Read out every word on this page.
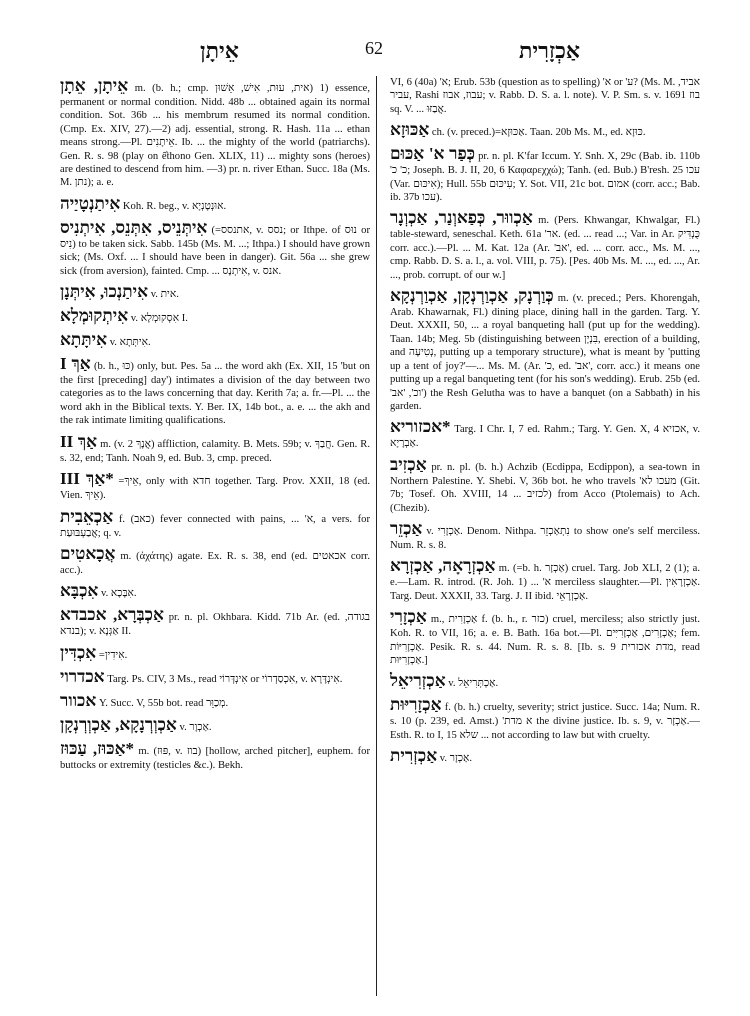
אֵיתָן	62	אַכְזָרִית

אֵיתָן, אֵתָן m. (b. h.; cmp. אית, עוּת, אִישׁ, אֵשׁוּן) 1) essence, permanent or normal condition. Nidd. 48b ... obtained again its normal condition. Sot. 36b ... his membrum resumed its normal condition. (Cmp. Ex. XIV, 27).—2) adj. essential, strong. R. Hash. 11a ... ethan means strong.—Pl. אֵיתָנִים. Ib. ... the mighty of the world (patriarchs). Gen. R. s. 98 (play on ê̂thono Gen. XLIX, 11) ... mighty sons (heroes) are destined to descend from him. —3) pr. n. river Ethan. Succ. 18a (Ms. M. נתן); a. e.

אִיתַנְטָיַיה Koh. R. beg., v. אוּנְטָנְיָא.

אִיתְּנֵיס, אִתְּנֵס, אִיתְנִיס (=אתנסס, v. נסס; or Ithpe. of נוּס or נִיס) to be taken sick. Sabb. 145b (Ms. M. ...; Ithpa.) I should have grown sick; (Ms. Oxf. ... I should have been in danger). Git. 56a ... she grew sick (from aversion), fainted. Cmp. ... אִיתְנָס, v. אנס.

אִיתַנְכוּ, אִיתְּנָן v. אית.

אִיתְקוּמְלָא v. אִסְקוּמְלָא I.

אִיתָּתָא v. אִיתְּתָא.

אַךְ I (b. h., כּוּ) only, but. Pes. 5a ... the word akh (Ex. XII, 15 'but on the first [preceding] day') intimates a division of the day between two categories as to the laws concerning that day. Kerith 7a; a. fr.—Pl. ... the word akh in the Biblical texts. Y. Ber. IX, 14b bot., a. e. ... the akh and the rak intimate limiting qualifications.

אַךְ II m. (v. אֲנָךְ 2) affliction, calamity. B. Mets. 59b; v. חֲבַךְ. Gen. R. s. 32, end; Tanh. Noah 9, ed. Bub. 3, cmp. preced.

*אַךְ III =אֵיךְ, only with חדא together. Targ. Prov. XXII, 18 (ed. Vien. אֵיךְ).

אַכְאֵבִית f. (כאב) fever connected with pains, ... 'א, a vers. for אֲבַעְבּוּעַת; q. v.

אֲכָאטִים m. (ἀχάτης) agate. Ex. R. s. 38, end (ed. אכאטים corr. acc.).

אִכְבָּא v. אִבָּכָא.

אַכְבְּרָא, אכבדא pr. n. pl. Okhbara. Kidd. 71b Ar. (ed. בגודה, בנדא); v. אַגְּנָא II.

אִכְדִּין =אִידִין.

אכדרוי Targ. Ps. CIV, 3 Ms., read אִינְדְּרוֹי or אִכְסַדְרוֹי, v. אִינְדָּרָא.

אכוור Y. Succ. V, 55b bot. read מְכַוֵּר.

אַכְוְרְנָקָא, אַכְוְרְנְקָן v. אַכְוָר.

*אַכּוּז, עַכּוּז m. (פּוּז, v. בוז) [hollow, arched pitcher], euphem. for buttocks or extremity (testicles &c.). Bekh.

VI, 6 (40a) 'א; Erub. 53b (question as to spelling) 'א or 'ע? (Ms. M. אביד, עביר, Rashi עבוז, אבוז; v. Rabb. D. S. a. l. note). V. P. Sm. s. v. בוז 1691 sq. V. ... אֲבַזּוּ.

אַכּוּזָא ch. (v. preced.)=אַכּוּזָא. Taan. 20b Ms. M., ed. כּוּזָא.

כְּפַר א' אַכּוּם pr. n. pl. K'far Iccum. Y. Snh. X, 29c (Bab. ib. 110b 'כ' כ; Joseph. B. J. II, 20, 6 Καφαρεχχώ); Tanh. (ed. Bub.) B'resh. 25 עכו (Var. אִיכּוּם); Hull. 55b עִיכּוּם; Y. Sot. VII, 21c bot. אמום (corr. acc.; Bab. ib. 37b עכו).

אַכְווּר, כְּפַאוְנַר, אַכְוְנָר m. (Pers. Khwangar, Khwalgar, Fl.) table-steward, seneschal. Keth. 61a 'אר. (ed. ... read ...; Var. in Ar. כֻּנְדִּיק corr. acc.).—Pl. ... M. Kat. 12a (Ar. 'אב', ed. ... corr. acc., Ms. M. ..., cmp. Rabb. D. S. a. l., a. vol. VIII, p. 75). [Pes. 40b Ms. M. ..., ed. ..., Ar. ..., prob. corrupt. of our w.]

כְּוַרְנָק, אַכְוַרְנְקָן, אַכְוַרְנְקָא m. (v. preced.; Pers. Khorengah, Arab. Khawarnak, Fl.) dining place, dining hall in the garden. Targ. Y. Deut. XXXII, 50, ... a royal banqueting hall (put up for the wedding). Taan. 14b; Meg. 5b (distinguishing between בִּנְיָן, erection of a building, and נְטִיעָה, putting up a temporary structure), what is meant by 'putting up a tent of joy?'—... Ms. M. (Ar. 'כ, ed. 'אב', corr. acc.) it means one putting up a regal banqueting tent (for his son's wedding). Erub. 25b (ed. 'וכ', 'אב') the Resh Gelutha was to have a banquet (on a Sabbath) in his garden.

*אכזוריא Targ. I Chr. I, 7 ed. Rahm.; Targ. Y. Gen. X, 4 אכזיא, v. אַבְרָיָא.

אַכְזִיב pr. n. pl. (b. h.) Achzib (Ecdippa, Ecdippon), a sea-town in Northern Palestine. Y. Shebi. V, 36b bot. he who travels 'מעכו לא (Git. 7b; Tosef. Oh. XVIII, 14 ... לכזיב) from Acco (Ptolemais) to Ach. (Chezib).

אַכְזֵר v. אַכְזָרִי. Denom. Nithpa. נִתְאַכְזֵר to show one's self merciless. Num. R. s. 8.

אַכְזְרָאָה, אַכְזְרָא m. (=b. h. אַכְזָר) cruel. Targ. Job XLI, 2 (1); a. e.—Lam. R. introd. (R. Joh. 1) ... 'א merciless slaughter.—Pl. אַכְזְרָאִין. Targ. Deut. XXXII, 33. Targ. J. II ibid. אַכְזְרָאֵי.

אַכְזָרִי m., אַכְזָרִית f. (b. h., r. כזר) cruel, merciless; also strictly just. Koh. R. to VII, 16; a. e. B. Bath. 16a bot.—Pl. אַכְזָרִים, אַכְזָרִיִּים; fem. אַכְזָרִיּוֹת. Pesik. R. s. 44. Num. R. s. 8. [Ib. s. 9 מדת אכזרית, read אַכְזָרִיּוּת.]

אַכְזְרִיאֵל v. אַכְתְּרִיאֵל.

אַכְזָרִיּוּת f. (b. h.) cruelty, severity; strict justice. Succ. 14a; Num. R. s. 10 (p. 239, ed. Amst.) 'א מדת the divine justice. Ib. s. 9, v. אַכְזָר.—Esth. R. to I, 15 שלא ... not according to law but with cruelty.

אַכְזְרִית v. אַכְזָר.
